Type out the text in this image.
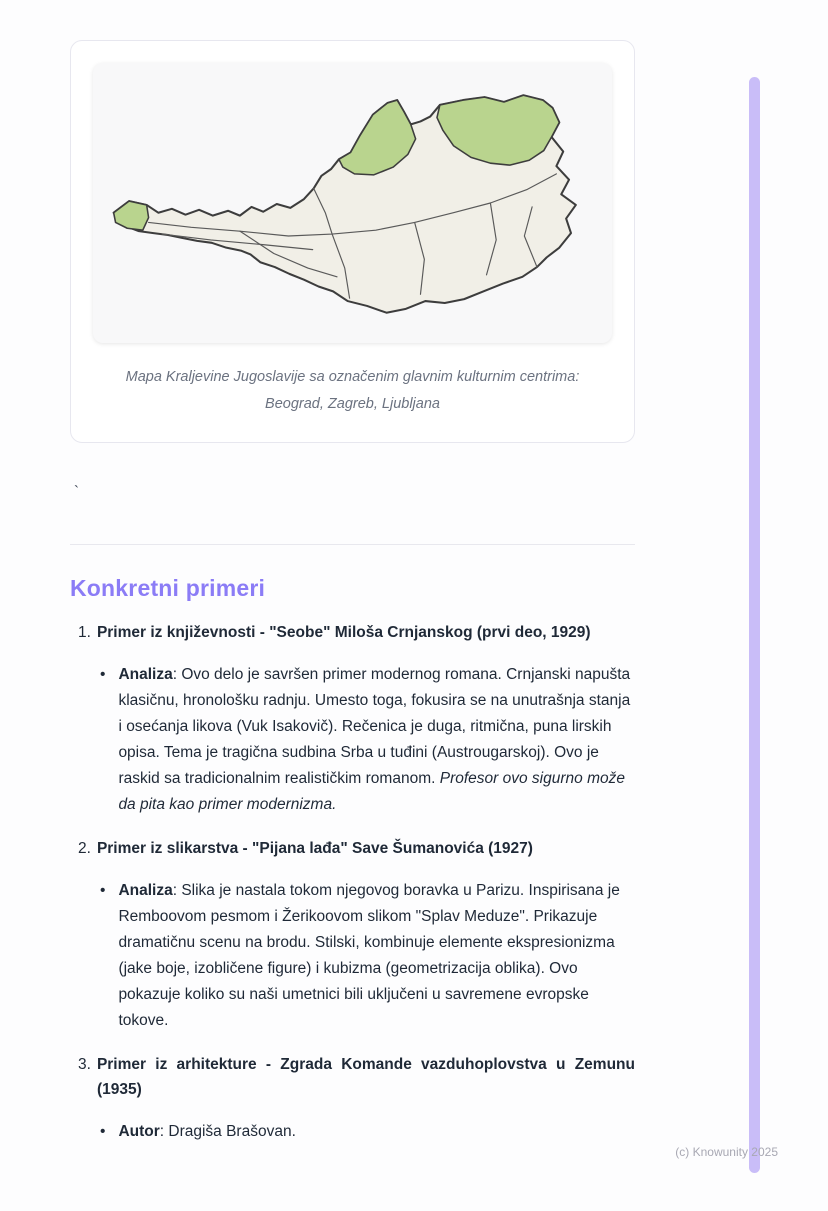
Mapa Kraljevine Jugoslavije sa označenim glavnim kulturnim centrima:

Beograd, Zagreb, Ljubljana

`
Konkretni primeri
1. Primer iz književnosti - "Seobe" Miloša Crnjanskog (prvi deo, 1929)

• Analiza: Ovo delo je savršen primer modernog romana. Crnjanski napušta klasičnu, hronološku radnju. Umesto toga, fokusira se na unutrašnja stanja i osećanja likova (Vuk Isakovič). Rečenica je duga, ritmična, puna lirskih opisa. Tema je tragična sudbina Srba u tuđini (Austrougarskoj). Ovo je raskid sa tradicionalnim realističkim romanom. Profesor ovo sigurno može da pita kao primer modernizma.

2. Primer iz slikarstva - "Pijana lađa" Save Šumanovića (1927)

• Analiza: Slika je nastala tokom njegovog boravka u Parizu. Inspirisana je Remboovom pesmom i Žerikoovom slikom "Splav Meduze". Prikazuje dramatičnu scenu na brodu. Stilski, kombinuje elemente ekspresionizma (jake boje, izobličene figure) i kubizma (geometrizacija oblika). Ovo pokazuje koliko su naši umetnici bili uključeni u savremene evropske tokove.

3. Primer iz arhitekture - Zgrada Komande vazduhoplovstva u Zemunu (1935)

• Autor: Dragiša Brašovan.

(c) Knowunity 2025
